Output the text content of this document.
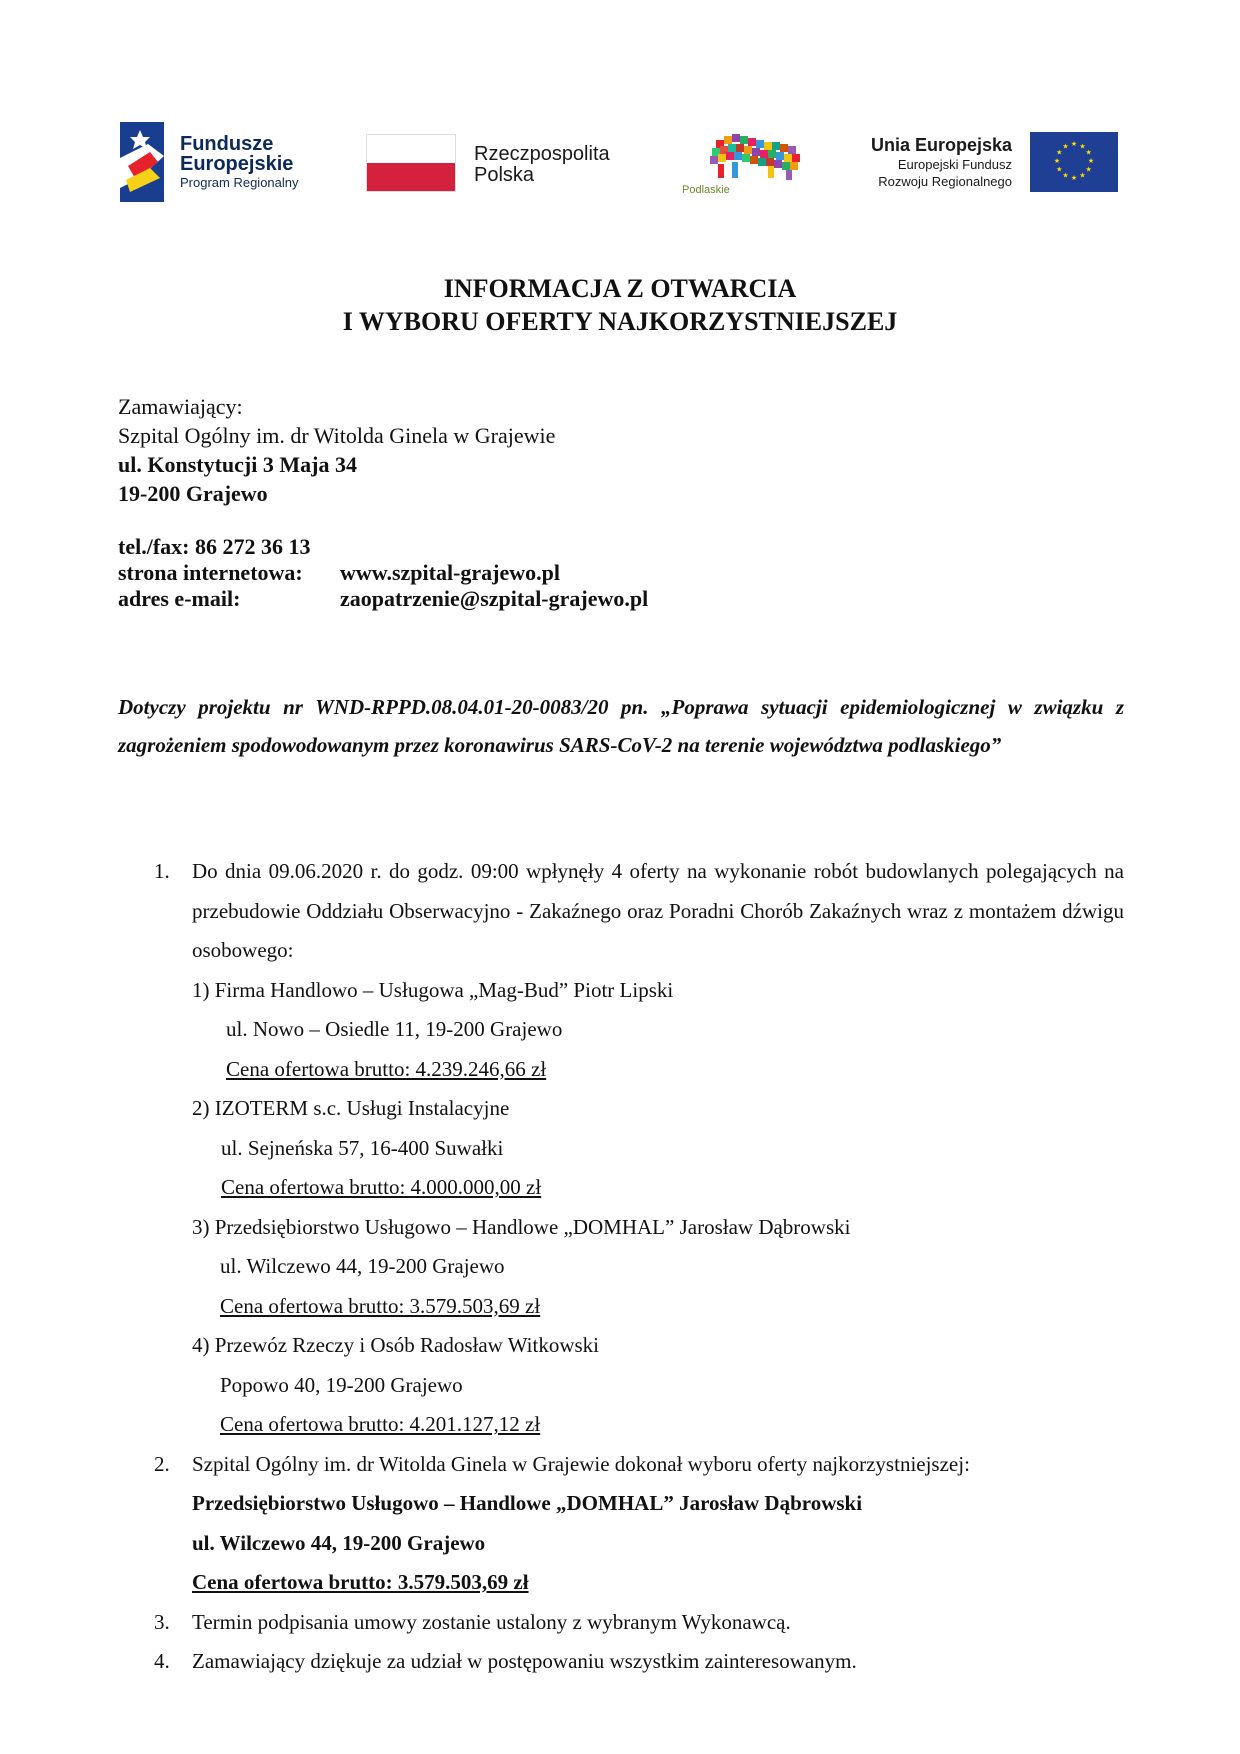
Fundusze
Europejskie
Program Regionalny
Rzeczpospolita
Polska
Podlaskie
Unia Europejska
Europejski Fundusz
Rozwoju Regionalnego
★ ★
★
★
★
★
★
★
★
★
★
★
INFORMACJA Z OTWARCIA
I WYBORU OFERTY NAJKORZYSTNIEJSZEJ
Zamawiający:
Szpital Ogólny im. dr Witolda Ginela w Grajewie
ul. Konstytucji 3 Maja 34
19-200 Grajewo
tel./fax: 86 272 36 13
strona internetowa:	www.szpital-grajewo.pl
adres e-mail:	zaopatrzenie@szpital-grajewo.pl
Dotyczy projektu nr WND-RPPD.08.04.01-20-0083/20 pn. „Poprawa sytuacji epidemiologicznej w związku z zagrożeniem spodowodowanym przez koronawirus SARS-CoV-2 na terenie województwa podlaskiego”
1. Do dnia 09.06.2020 r. do godz. 09:00 wpłynęły 4 oferty na wykonanie robót budowlanych polegających na przebudowie Oddziału Obserwacyjno - Zakaźnego oraz Poradni Chorób Zakaźnych wraz z montażem dźwigu osobowego:
1) Firma Handlowo – Usługowa „Mag-Bud” Piotr Lipski
ul. Nowo – Osiedle 11, 19-200 Grajewo
Cena ofertowa brutto: 4.239.246,66 zł
2) IZOTERM s.c. Usługi Instalacyjne
ul. Sejneńska 57, 16-400 Suwałki
Cena ofertowa brutto: 4.000.000,00 zł
3) Przedsiębiorstwo Usługowo – Handlowe „DOMHAL” Jarosław Dąbrowski
ul. Wilczewo 44, 19-200 Grajewo
Cena ofertowa brutto: 3.579.503,69 zł
4) Przewóz Rzeczy i Osób Radosław Witkowski
Popowo 40, 19-200 Grajewo
Cena ofertowa brutto: 4.201.127,12 zł
2. Szpital Ogólny im. dr Witolda Ginela w Grajewie dokonał wyboru oferty najkorzystniejszej:
Przedsiębiorstwo Usługowo – Handlowe „DOMHAL” Jarosław Dąbrowski
ul. Wilczewo 44, 19-200 Grajewo
Cena ofertowa brutto: 3.579.503,69 zł
3. Termin podpisania umowy zostanie ustalony z wybranym Wykonawcą.
4. Zamawiający dziękuje za udział w postępowaniu wszystkim zainteresowanym.
